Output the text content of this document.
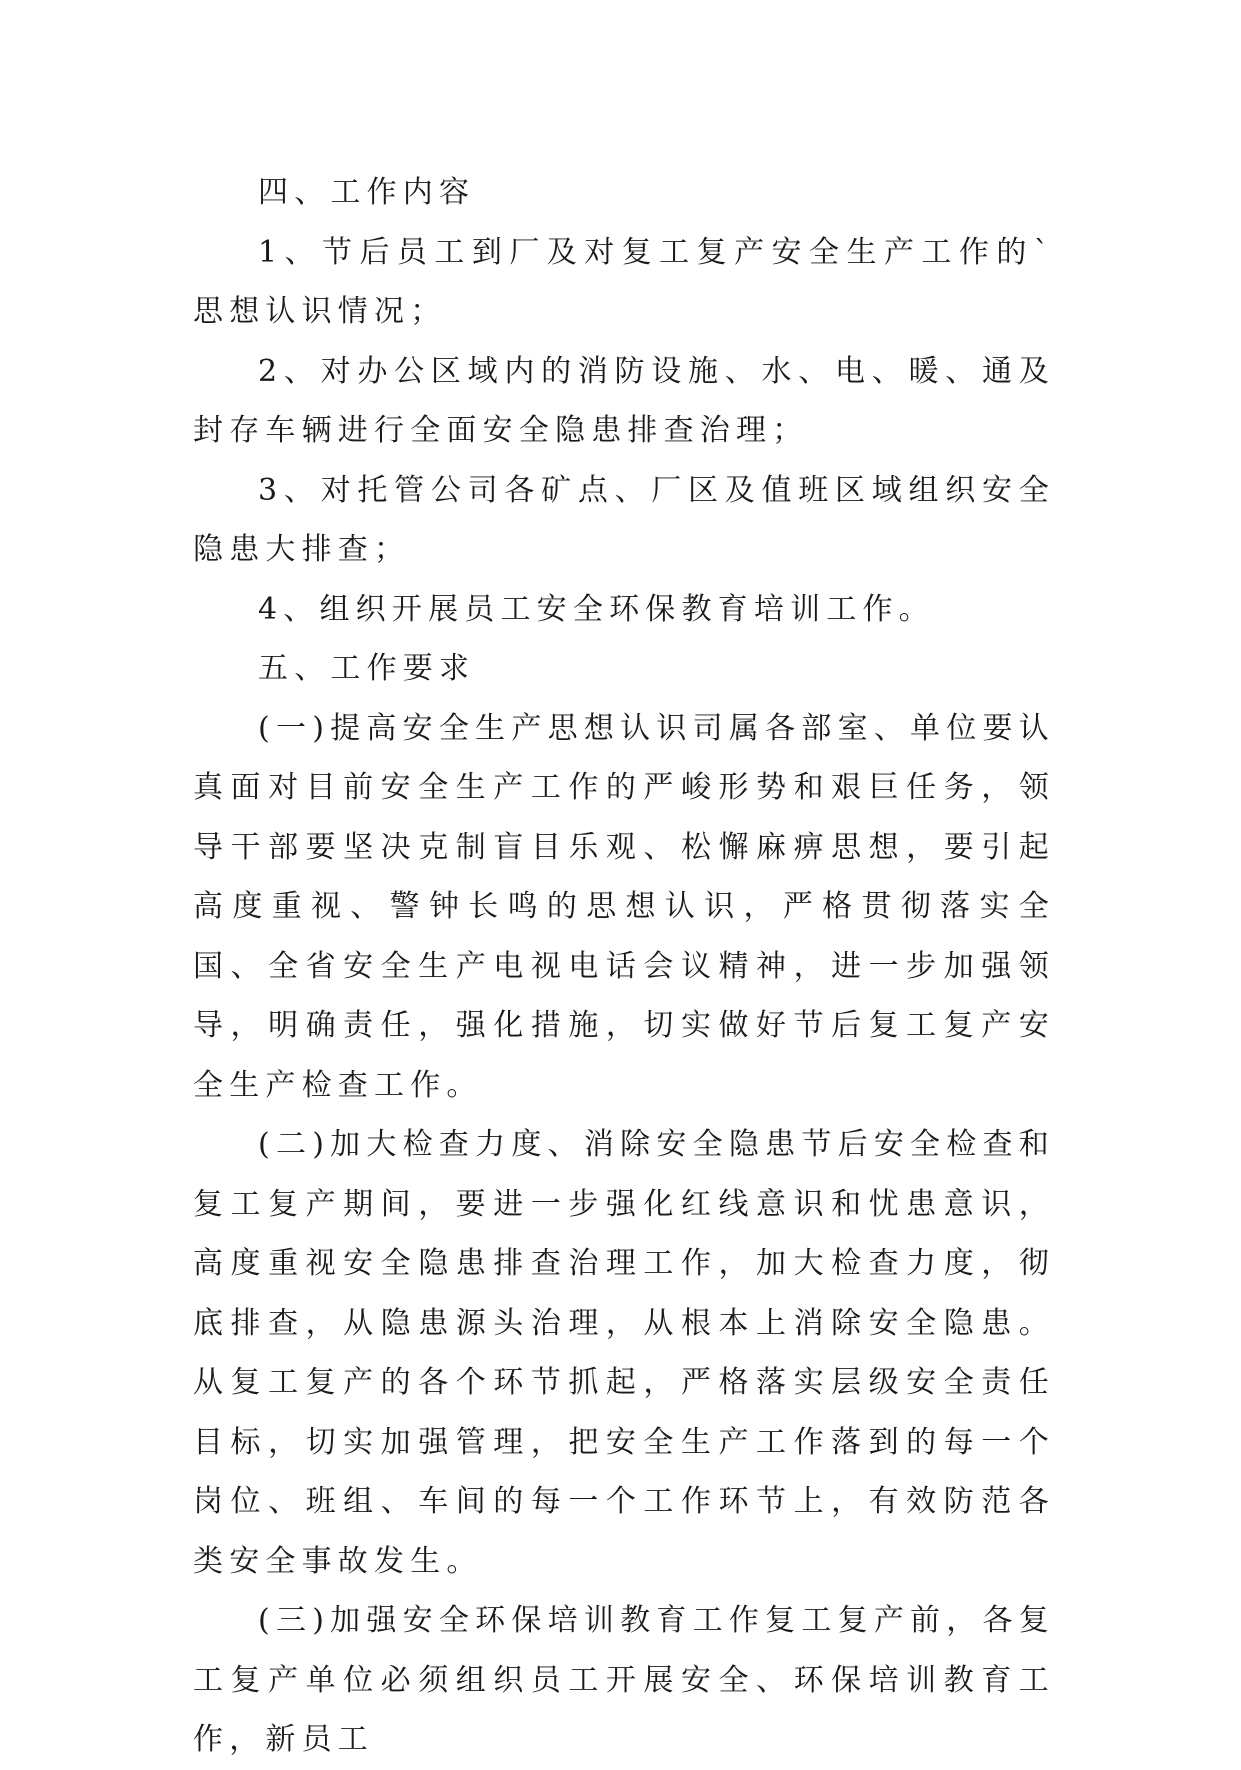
四、工作内容

1、节后员工到厂及对复工复产安全生产工作的`思想认识情况；

2、对办公区域内的消防设施、水、电、暖、通及封存车辆进行全面安全隐患排查治理；

3、对托管公司各矿点、厂区及值班区域组织安全隐患大排查；

4、组织开展员工安全环保教育培训工作。

五、工作要求

(一)提高安全生产思想认识司属各部室、单位要认真面对目前安全生产工作的严峻形势和艰巨任务，领导干部要坚决克制盲目乐观、松懈麻痹思想，要引起高度重视、警钟长鸣的思想认识，严格贯彻落实全国、全省安全生产电视电话会议精神，进一步加强领导，明确责任，强化措施，切实做好节后复工复产安全生产检查工作。

(二)加大检查力度、消除安全隐患节后安全检查和复工复产期间，要进一步强化红线意识和忧患意识，高度重视安全隐患排查治理工作，加大检查力度，彻底排查，从隐患源头治理，从根本上消除安全隐患。从复工复产的各个环节抓起，严格落实层级安全责任目标，切实加强管理，把安全生产工作落到的每一个岗位、班组、车间的每一个工作环节上，有效防范各类安全事故发生。

(三)加强安全环保培训教育工作复工复产前，各复工复产单位必须组织员工开展安全、环保培训教育工作，新员工
